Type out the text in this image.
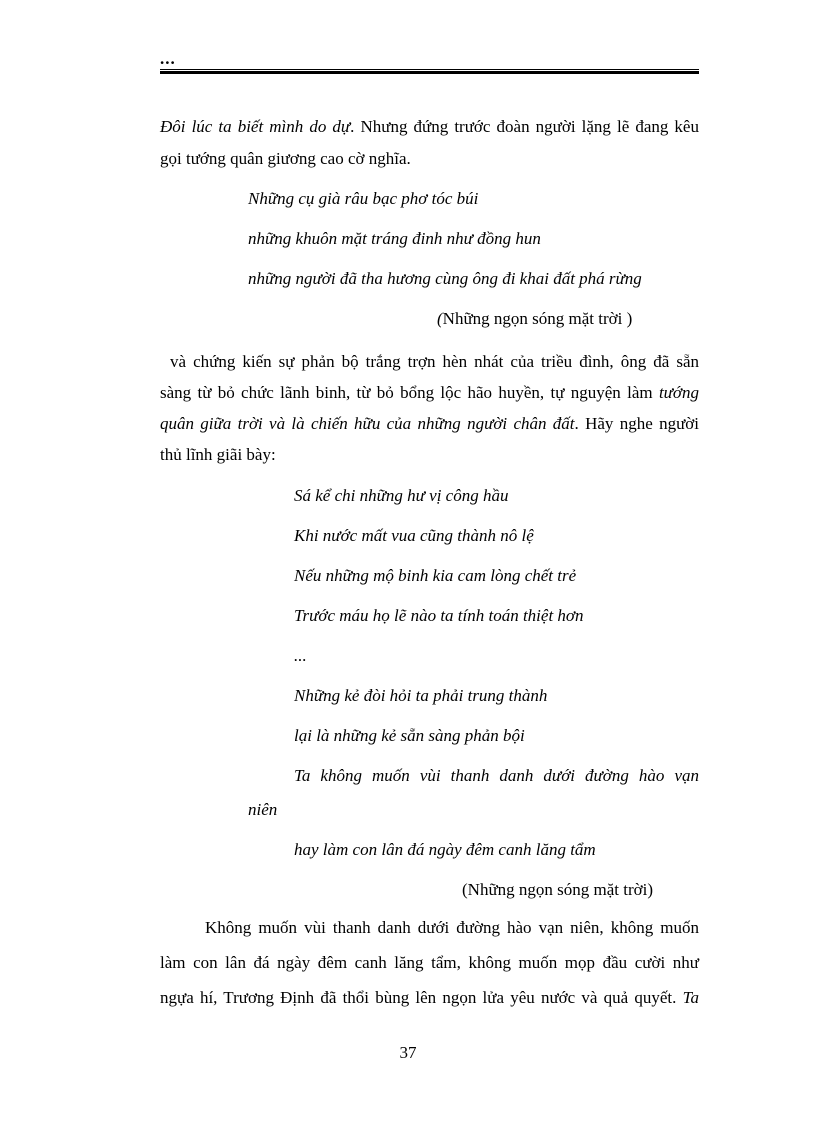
...
Đôi lúc ta biết mình do dự. Nhưng đứng trước đoàn người lặng lẽ đang kêu
gọi tướng quân giương cao cờ nghĩa.
Những cụ già râu bạc phơ tóc búi
những khuôn mặt tráng đinh như đồng hun
những người đã tha hương cùng ông đi khai đất phá rừng
(Những ngọn sóng mặt trời )
và chứng kiến sự phản bộ trắng trợn hèn nhát của triều đình, ông đã sẵn
sàng từ bỏ chức lãnh binh, từ bỏ bổng lộc hão huyền, tự nguyện làm tướng
quân giữa trời và là chiến hữu của những người chân đất. Hãy nghe người
thủ lĩnh giãi bày:
Sá kể chi những hư vị công hầu
Khi nước mất vua cũng thành nô lệ
Nếu những mộ binh kia cam lòng chết trẻ
Trước máu họ lẽ nào ta tính toán thiệt hơn
...
Những kẻ đòi hỏi ta phải trung thành
lại là những kẻ sẵn sàng phản bội
Ta không muốn vùi thanh danh dưới đường hào vạn
niên
hay làm con lân đá ngày đêm canh lăng tẩm
(Những ngọn sóng mặt trời)
Không muốn vùi thanh danh dưới đường hào vạn niên, không muốn
làm con lân đá ngày đêm canh lăng tẩm, không muốn mọp đầu cười như
ngựa hí, Trương Định đã thổi bùng lên ngọn lửa yêu nước và quả quyết. Ta
37
